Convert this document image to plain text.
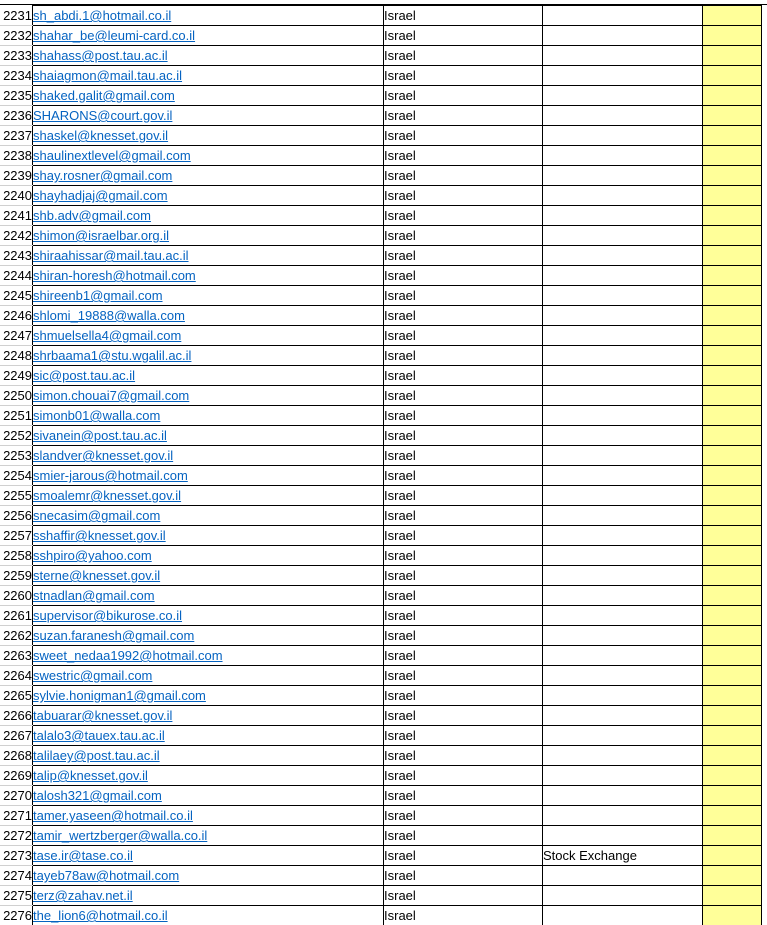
2231	sh_abdi.1@hotmail.co.il	Israel		
2232	shahar_be@leumi-card.co.il	Israel		
2233	shahass@post.tau.ac.il	Israel		
2234	shaiagmon@mail.tau.ac.il	Israel		
2235	shaked.galit@gmail.com	Israel		
2236	SHARONS@court.gov.il	Israel		
2237	shaskel@knesset.gov.il	Israel		
2238	shaulinextlevel@gmail.com	Israel		
2239	shay.rosner@gmail.com	Israel		
2240	shayhadjaj@gmail.com	Israel		
2241	shb.adv@gmail.com	Israel		
2242	shimon@israelbar.org.il	Israel		
2243	shiraahissar@mail.tau.ac.il	Israel		
2244	shiran-horesh@hotmail.com	Israel		
2245	shireenb1@gmail.com	Israel		
2246	shlomi_19888@walla.com	Israel		
2247	shmuelsella4@gmail.com	Israel		
2248	shrbaama1@stu.wgalil.ac.il	Israel		
2249	sic@post.tau.ac.il	Israel		
2250	simon.chouai7@gmail.com	Israel		
2251	simonb01@walla.com	Israel		
2252	sivanein@post.tau.ac.il	Israel		
2253	slandver@knesset.gov.il	Israel		
2254	smier-jarous@hotmail.com	Israel		
2255	smoalemr@knesset.gov.il	Israel		
2256	snecasim@gmail.com	Israel		
2257	sshaffir@knesset.gov.il	Israel		
2258	sshpiro@yahoo.com	Israel		
2259	sterne@knesset.gov.il	Israel		
2260	stnadlan@gmail.com	Israel		
2261	supervisor@bikurose.co.il	Israel		
2262	suzan.faranesh@gmail.com	Israel		
2263	sweet_nedaa1992@hotmail.com	Israel		
2264	swestric@gmail.com	Israel		
2265	sylvie.honigman1@gmail.com	Israel		
2266	tabuarar@knesset.gov.il	Israel		
2267	talalo3@tauex.tau.ac.il	Israel		
2268	talilaey@post.tau.ac.il	Israel		
2269	talip@knesset.gov.il	Israel		
2270	talosh321@gmail.com	Israel		
2271	tamer.yaseen@hotmail.co.il	Israel		
2272	tamir_wertzberger@walla.co.il	Israel		
2273	tase.ir@tase.co.il	Israel	Stock Exchange	
2274	tayeb78aw@hotmail.com	Israel		
2275	terz@zahav.net.il	Israel		
2276	the_lion6@hotmail.co.il	Israel		
